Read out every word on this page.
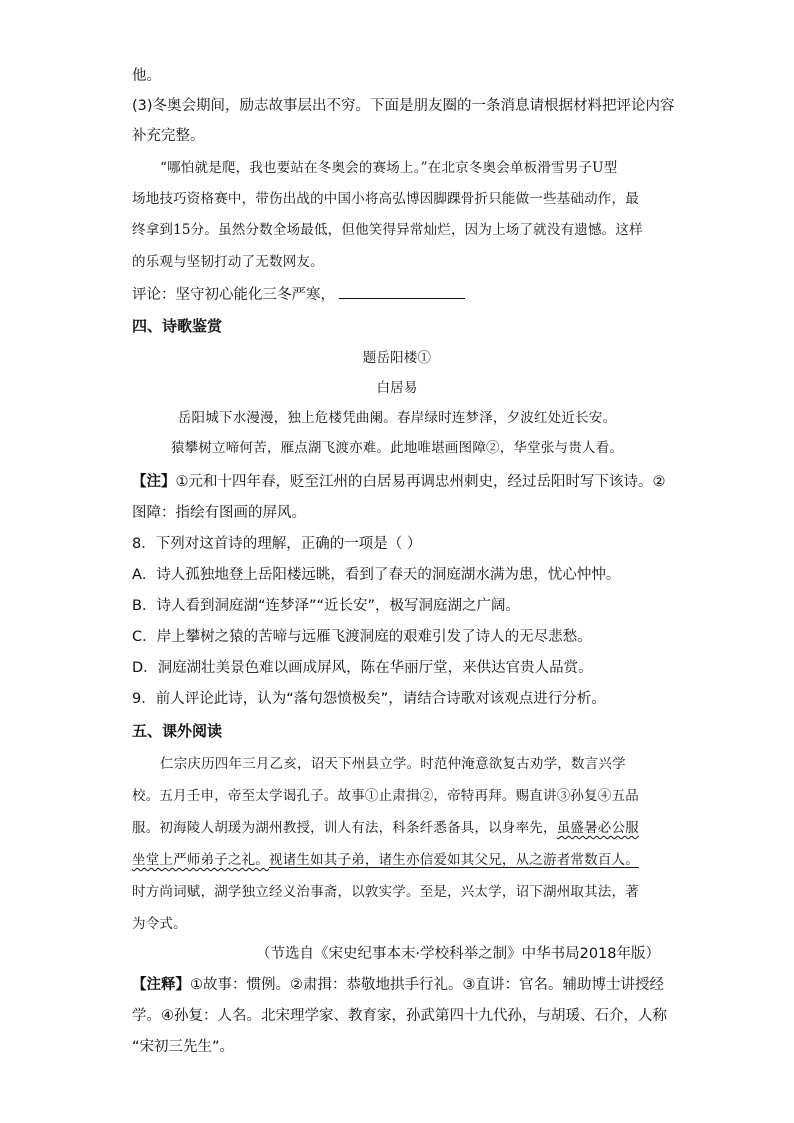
他。
(3)冬奥会期间，励志故事层出不穷。下面是朋友圈的一条消息请根据材料把评论内容
补充完整。
“哪怕就是爬，我也要站在冬奥会的赛场上。”在北京冬奥会单板滑雪男子U型
场地技巧资格赛中，带伤出战的中国小将高弘博因脚踝骨折只能做一些基础动作，最
终拿到15分。虽然分数全场最低，但他笑得异常灿烂，因为上场了就没有遗憾。这样
的乐观与坚韧打动了无数网友。
评论：坚守初心能化三冬严寒，
四、诗歌鉴赏
题岳阳楼①
白居易
岳阳城下水漫漫，独上危楼凭曲阑。春岸绿时连梦泽，夕波红处近长安。
猿攀树立啼何苦，雁点湖飞渡亦难。此地唯堪画图障②，华堂张与贵人看。
【注】①元和十四年春，贬至江州的白居易再调忠州刺史，经过岳阳时写下该诗。②
图障：指绘有图画的屏风。
8．下列对这首诗的理解，正确的一项是（ ）
A．诗人孤独地登上岳阳楼远眺，看到了春天的洞庭湖水满为患，忧心忡忡。
B．诗人看到洞庭湖“连梦泽”“近长安”，极写洞庭湖之广阔。
C．岸上攀树之猿的苦啼与远雁飞渡洞庭的艰难引发了诗人的无尽悲愁。
D．洞庭湖壮美景色难以画成屏风，陈在华丽厅堂，来供达官贵人品赏。
9．前人评论此诗，认为“落句怨愤极矣”，请结合诗歌对该观点进行分析。
五、课外阅读
仁宗庆历四年三月乙亥，诏天下州县立学。时范仲淹意欲复古劝学，数言兴学
校。五月壬申，帝至太学谒孔子。故事①止肃揖②，帝特再拜。赐直讲③孙复④五品
服。初海陵人胡瑗为湖州教授，训人有法，科条纤悉备具，以身率先，虽盛暑必公服
坐堂上严师弟子之礼。视诸生如其子弟，诸生亦信爱如其父兄，从之游者常数百人。
时方尚词赋，湖学独立经义治事斋，以敦实学。至是，兴太学，诏下湖州取其法，著
为令式。
（节选自《宋史纪事本末·学校科举之制》中华书局2018年版）
【注释】①故事：惯例。②肃揖：恭敬地拱手行礼。③直讲：官名。辅助博士讲授经
学。④孙复：人名。北宋理学家、教育家，孙武第四十九代孙，与胡瑗、石介，人称
“宋初三先生”。
